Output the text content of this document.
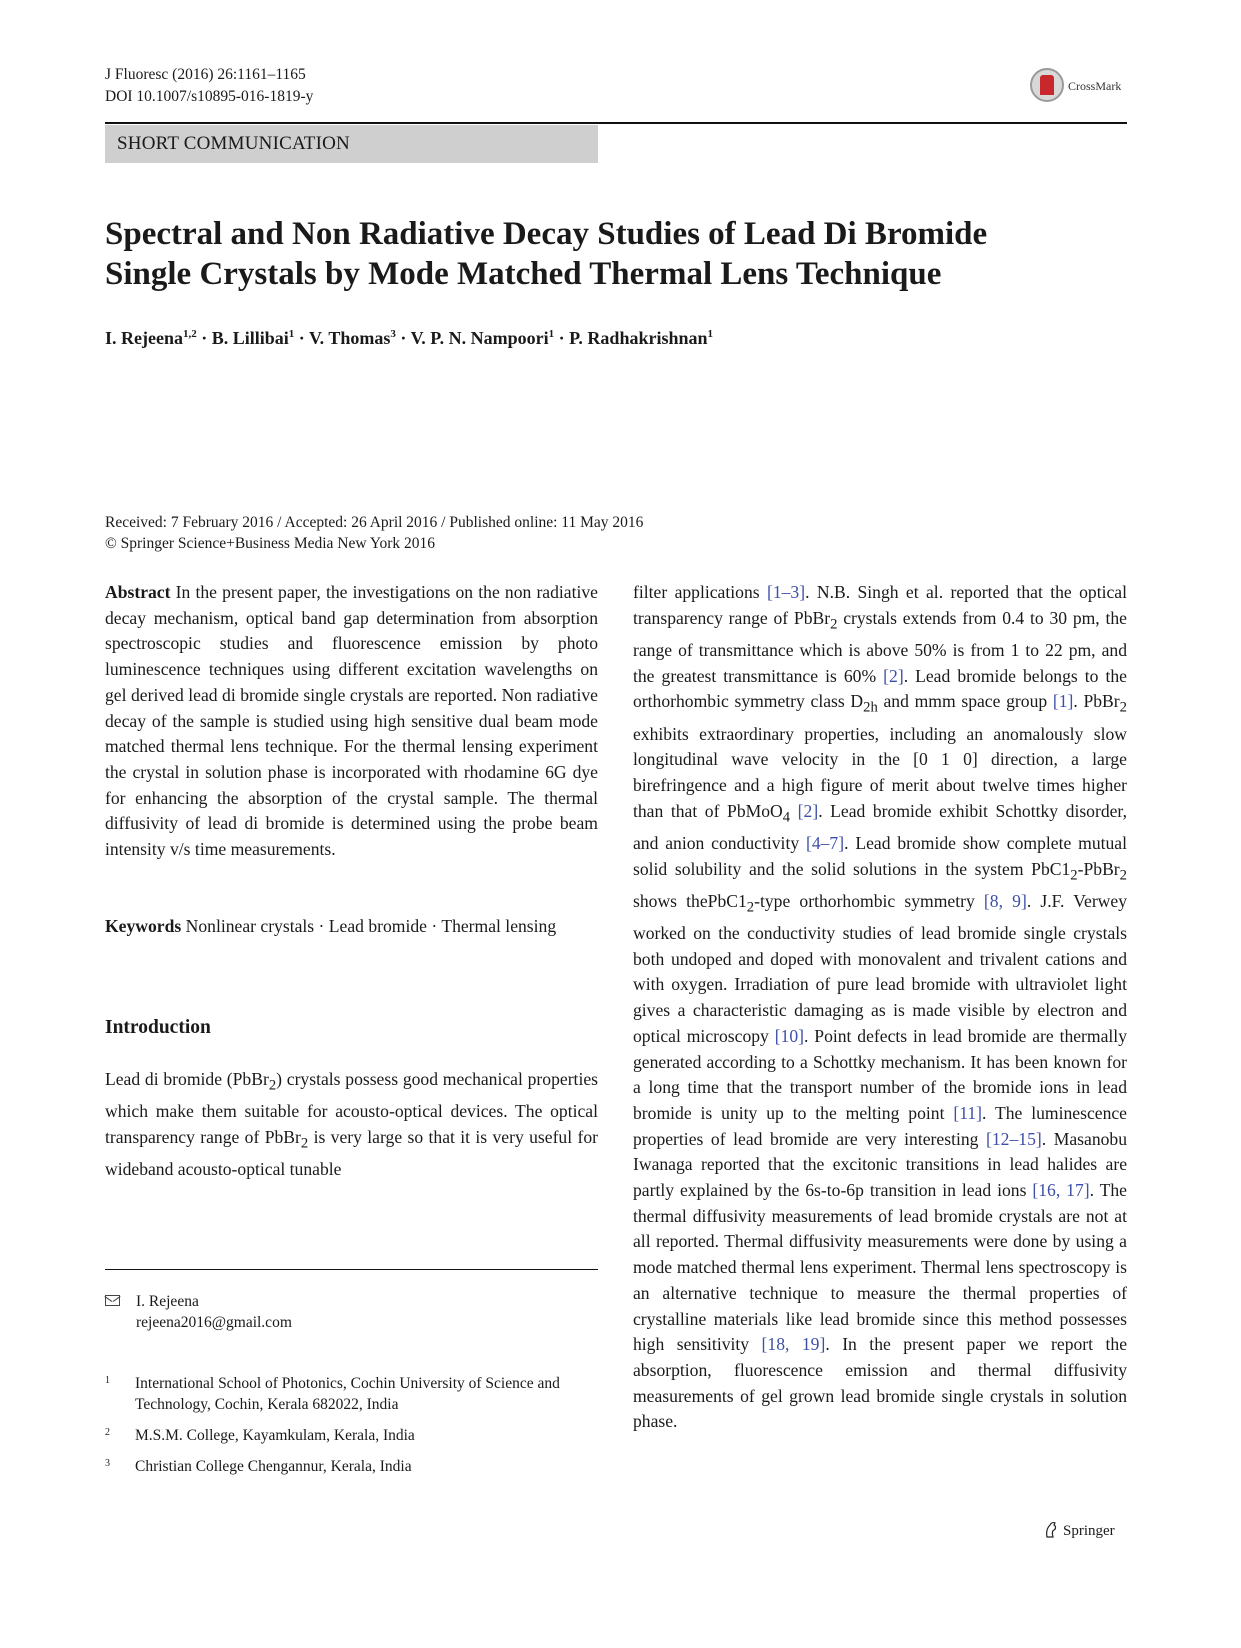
J Fluoresc (2016) 26:1161–1165
DOI 10.1007/s10895-016-1819-y
CrossMark
SHORT COMMUNICATION
Spectral and Non Radiative Decay Studies of Lead Di Bromide
Single Crystals by Mode Matched Thermal Lens Technique
I. Rejeena$^{1,2}$ · B. Lillibai$^1$ · V. Thomas$^3$ · V. P. N. Nampoori$^1$ · P. Radhakrishnan$^1$
Received: 7 February 2016 / Accepted: 26 April 2016 / Published online: 11 May 2016
© Springer Science+Business Media New York 2016

Abstract In the present paper, the investigations on the non radiative decay mechanism, optical band gap determination from absorption spectroscopic studies and fluorescence emission by photo luminescence techniques using different excitation wavelengths on gel derived lead di bromide single crystals are reported. Non radiative decay of the sample is studied using high sensitive dual beam mode matched thermal lens technique. For the thermal lensing experiment the crystal in solution phase is incorporated with rhodamine 6G dye for enhancing the absorption of the crystal sample. The thermal diffusivity of lead di bromide is determined using the probe beam intensity v/s time measurements.

Keywords Nonlinear crystals · Lead bromide · Thermal lensing

Introduction

Lead di bromide (PbBr$_2$) crystals possess good mechanical properties which make them suitable for acousto-optical devices. The optical transparency range of PbBr$_2$ is very large so that it is very useful for wideband acousto-optical tunable

filter applications [1–3]. N.B. Singh et al. reported that the optical transparency range of PbBr$_2$ crystals extends from 0.4 to 30 pm, the range of transmittance which is above 50% is from 1 to 22 pm, and the greatest transmittance is 60% [2]. Lead bromide belongs to the orthorhombic symmetry class $D_{2h}$ and mmm space group [1]. PbBr$_2$ exhibits extraordinary properties, including an anomalously slow longitudinal wave velocity in the [0 1 0] direction, a large birefringence and a high figure of merit about twelve times higher than that of PbMoO$_4$ [2]. Lead bromide exhibit Schottky disorder, and anion conductivity [4–7]. Lead bromide show complete mutual solid solubility and the solid solutions in the system $PbC1_2-PbBr_2$ shows $thePbC1_2$-type orthorhombic symmetry [8, 9]. J.F. Verwey worked on the conductivity studies of lead bromide single crystals both undoped and doped with monovalent and trivalent cations and with oxygen. Irradiation of pure lead bromide with ultraviolet light gives a characteristic damaging as is made visible by electron and optical microscopy [10]. Point defects in lead bromide are thermally generated according to a Schottky mechanism. It has been known for a long time that the transport number of the bromide ions in lead bromide is unity up to the melting point [11]. The luminescence properties of lead bromide are very interesting [12–15]. Masanobu Iwanaga reported that the excitonic transitions in lead halides are partly explained by the 6s-to-6p transition in lead ions [16, 17]. The thermal diffusivity measurements of lead bromide crystals are not at all reported. Thermal diffusivity measurements were done by using a mode matched thermal lens experiment. Thermal lens spectroscopy is an alternative technique to measure the thermal properties of crystalline materials like lead bromide since this method possesses high sensitivity [18, 19]. In the present paper we report the absorption, fluorescence emission and thermal diffusivity measurements of gel grown lead bromide single crystals in solution phase.

I. Rejeena
rejeena2016@gmail.com
1 International School of Photonics, Cochin University of Science and Technology, Cochin, Kerala 682022, India
2 M.S.M. College, Kayamkulam, Kerala, India
3 Christian College Chengannur, Kerala, India
Springer
